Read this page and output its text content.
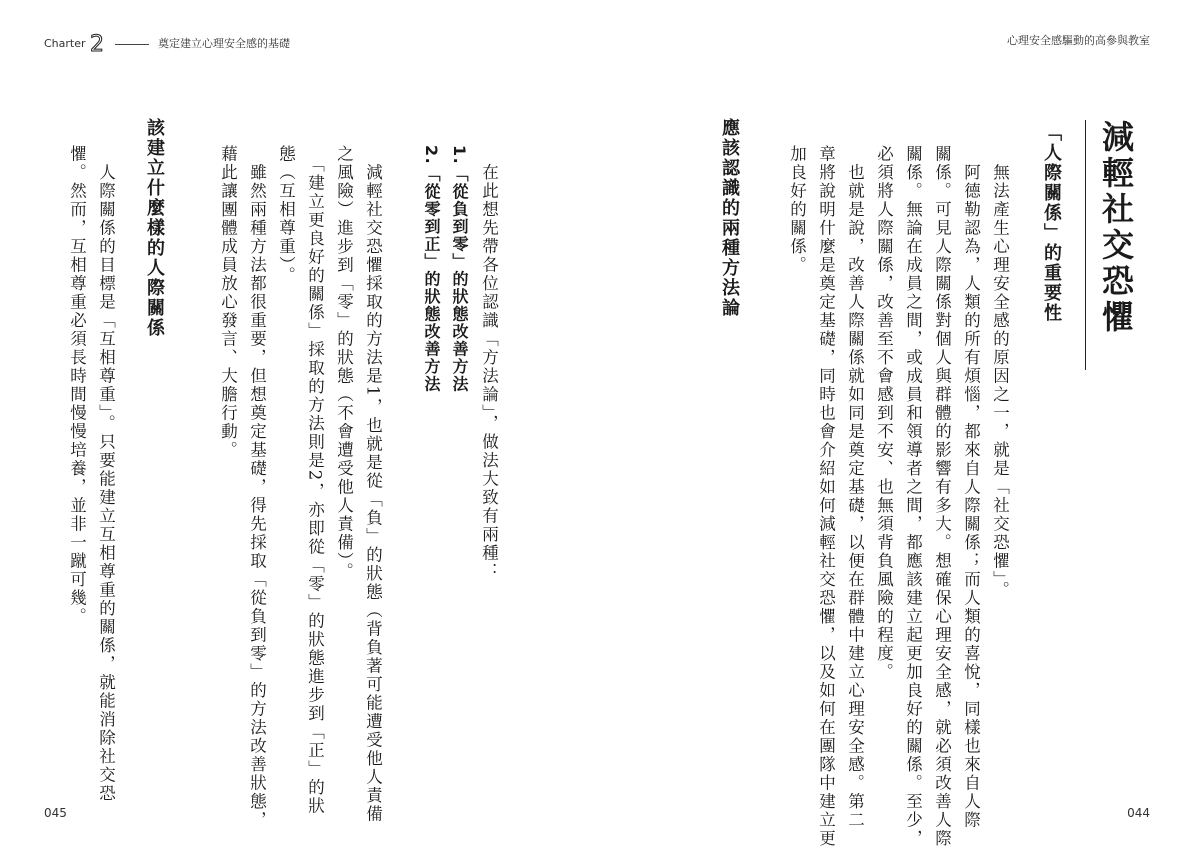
Charter 2	奠定建立心理安全感的基礎
　在此想先帶各位認識「方法論」，做法大致有兩種：
1.「從負到零」的狀態改善方法
2.「從零到正」的狀態改善方法
　減輕社交恐懼採取的方法是1，也就是從「負」的狀態（背負著可能遭受他人責備
之風險）進步到「零」的狀態（不會遭受他人責備）。
　「建立更良好的關係」採取的方法則是2，亦即從「零」的狀態進步到「正」的狀
態（互相尊重）。
　雖然兩種方法都很重要，但想奠定基礎，得先採取「從負到零」的方法改善狀態，
藉此讓團體成員放心發言、大膽行動。
該建立什麼樣的人際關係
　人際關係的目標是「互相尊重」。只要能建立互相尊重的關係，就能消除社交恐
懼。然而，互相尊重必須長時間慢慢培養，並非一蹴可幾。
045
心理安全感驅動的高參與教室
044
減輕社交恐懼
「人際關係」的重要性
　無法產生心理安全感的原因之一，就是「社交恐懼」。
　阿德勒認為，人類的所有煩惱，都來自人際關係；而人類的喜悅，同樣也來自人際
關係。可見人際關係對個人與群體的影響有多大。想確保心理安全感，就必須改善人際
關係。無論在成員之間，或成員和領導者之間，都應該建立起更加良好的關係。至少，
必須將人際關係，改善至不會感到不安、也無須背負風險的程度。
　也就是說，改善人際關係就如同是奠定基礎，以便在群體中建立心理安全感。第二
章將說明什麼是奠定基礎，同時也會介紹如何減輕社交恐懼，以及如何在團隊中建立更
加良好的關係。
應該認識的兩種方法論
